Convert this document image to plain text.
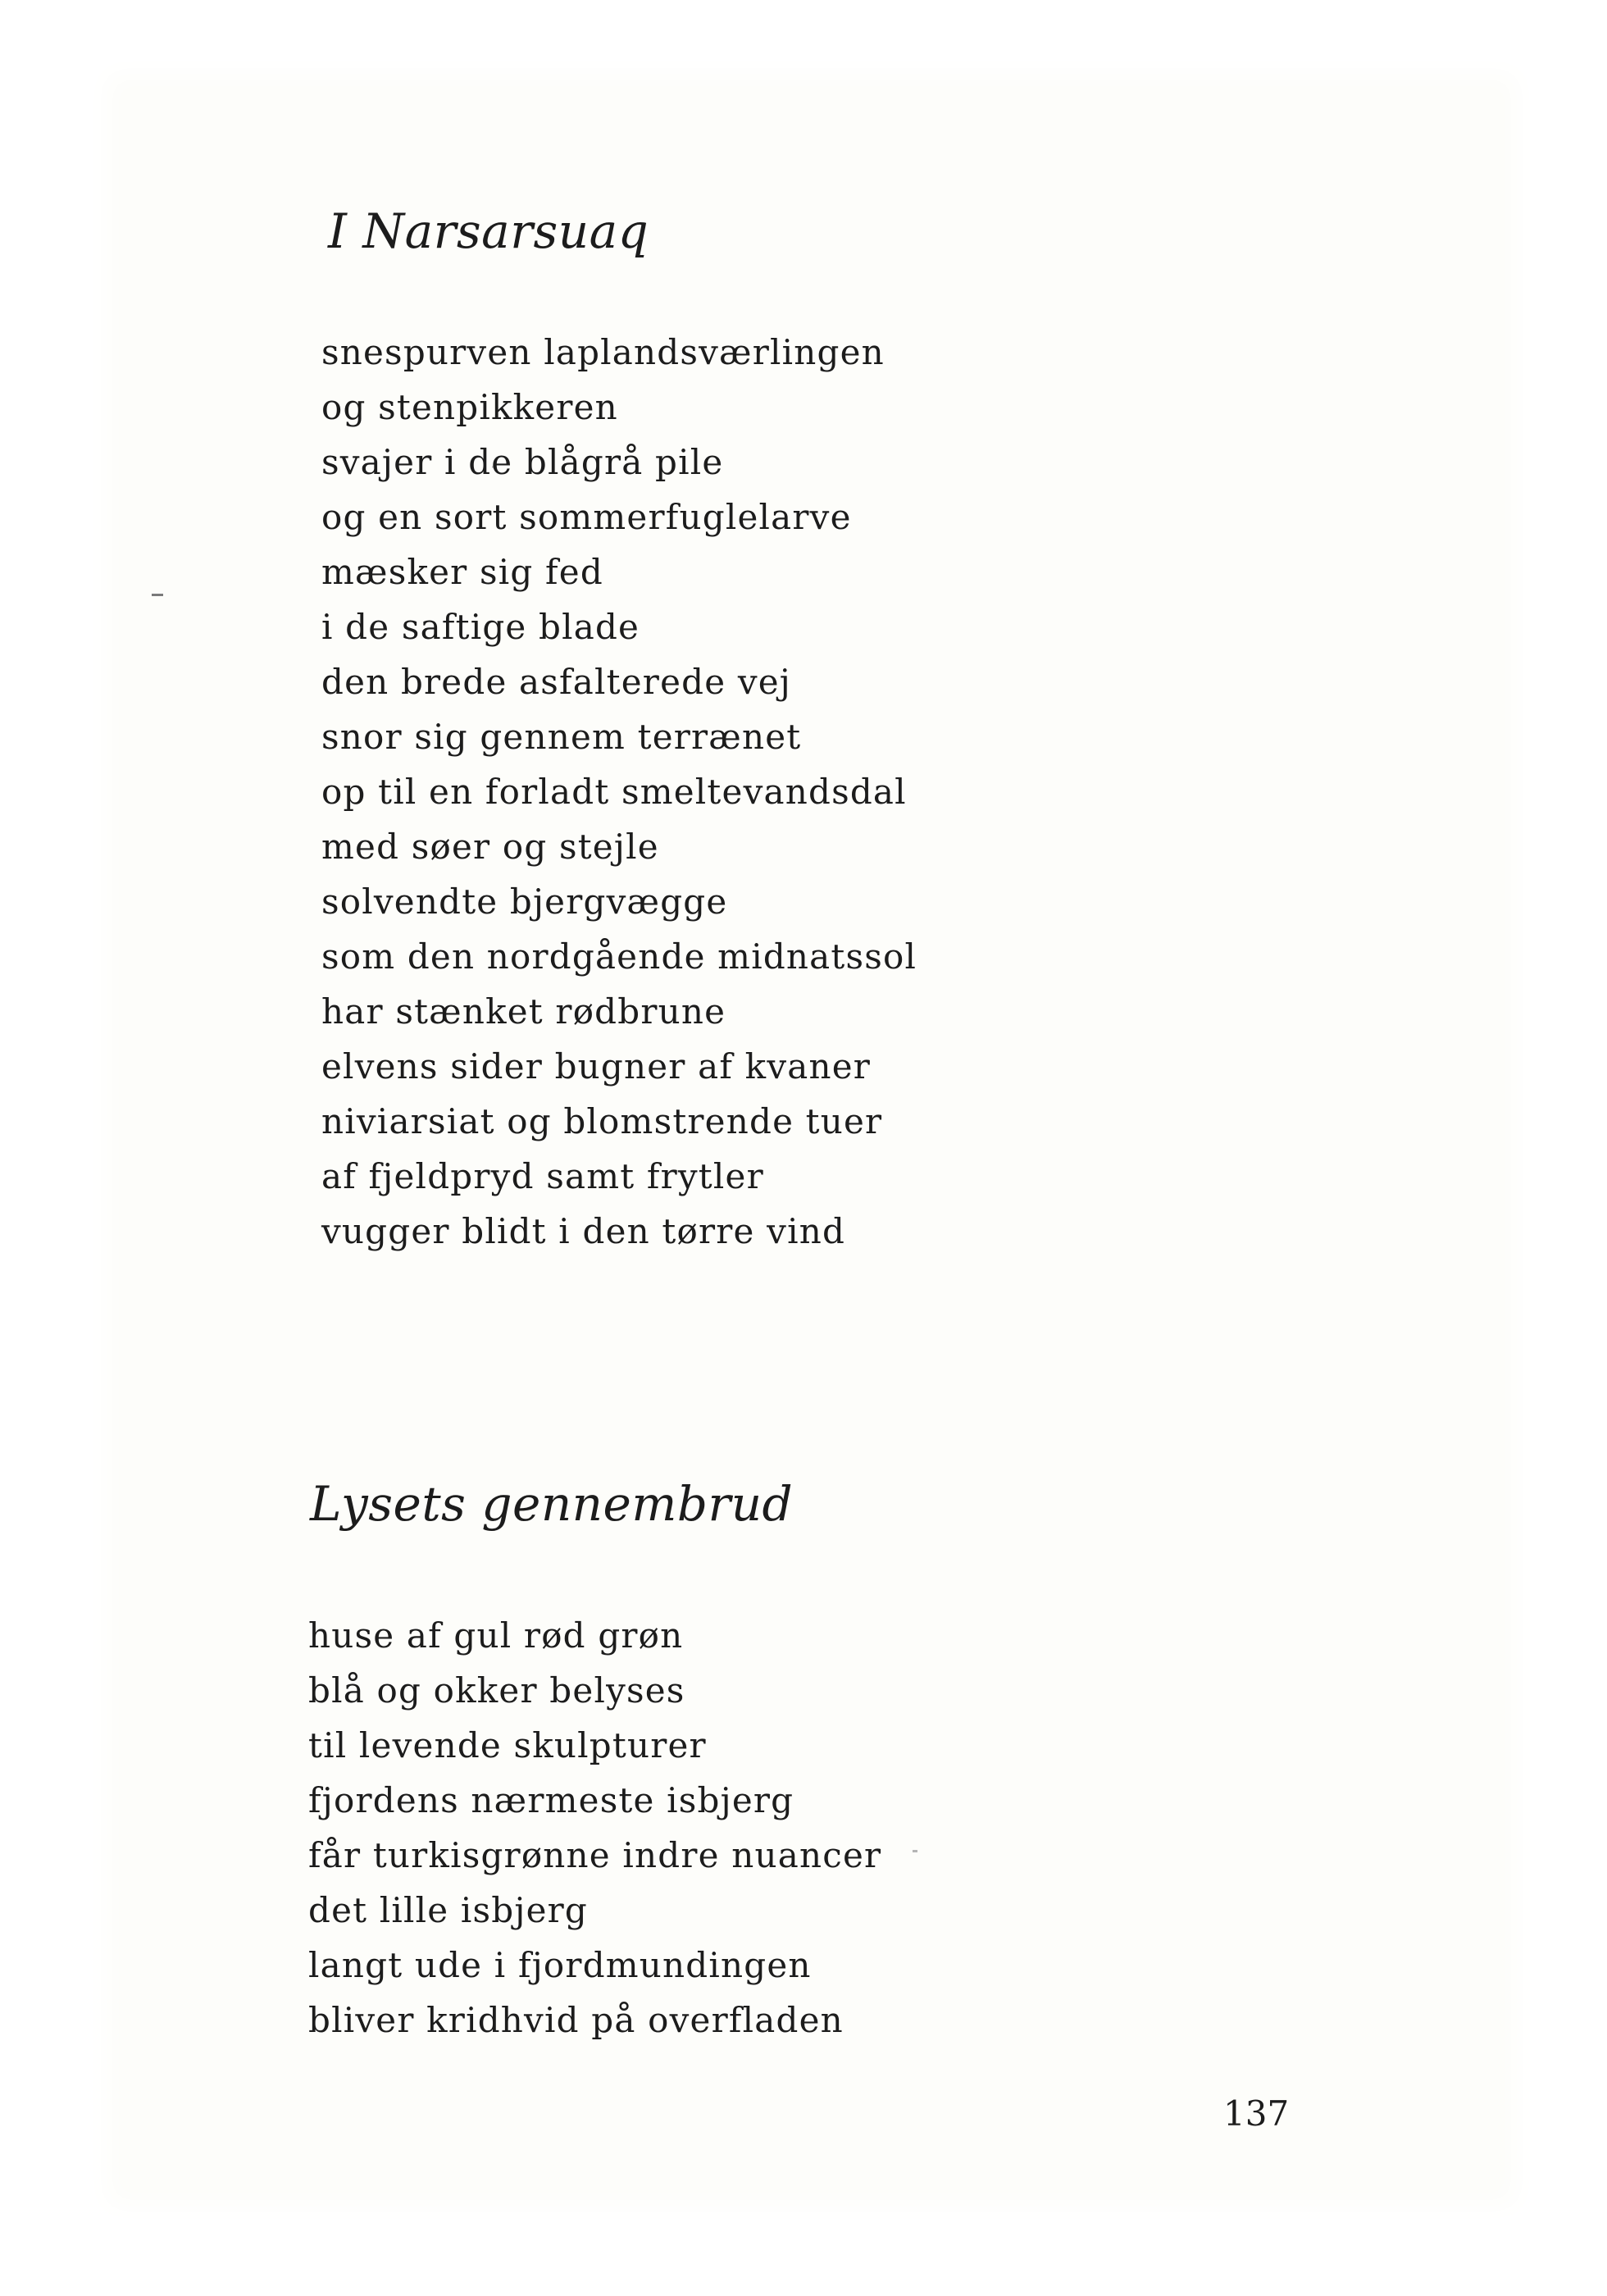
I Narsarsuaq
snespurven laplandsværlingen
og stenpikkeren
svajer i de blågrå pile
og en sort sommerfuglelarve
mæsker sig fed
i de saftige blade
den brede asfalterede vej
snor sig gennem terrænet
op til en forladt smeltevandsdal
med søer og stejle
solvendte bjergvægge
som den nordgående midnatssol
har stænket rødbrune
elvens sider bugner af kvaner
niviarsiat og blomstrende tuer
af fjeldpryd samt frytler
vugger blidt i den tørre vind
Lysets gennembrud
huse af gul rød grøn
blå og okker belyses
til levende skulpturer
fjordens nærmeste isbjerg
får turkisgrønne indre nuancer
det lille isbjerg
langt ude i fjordmundingen
bliver kridhvid på overfladen
137
